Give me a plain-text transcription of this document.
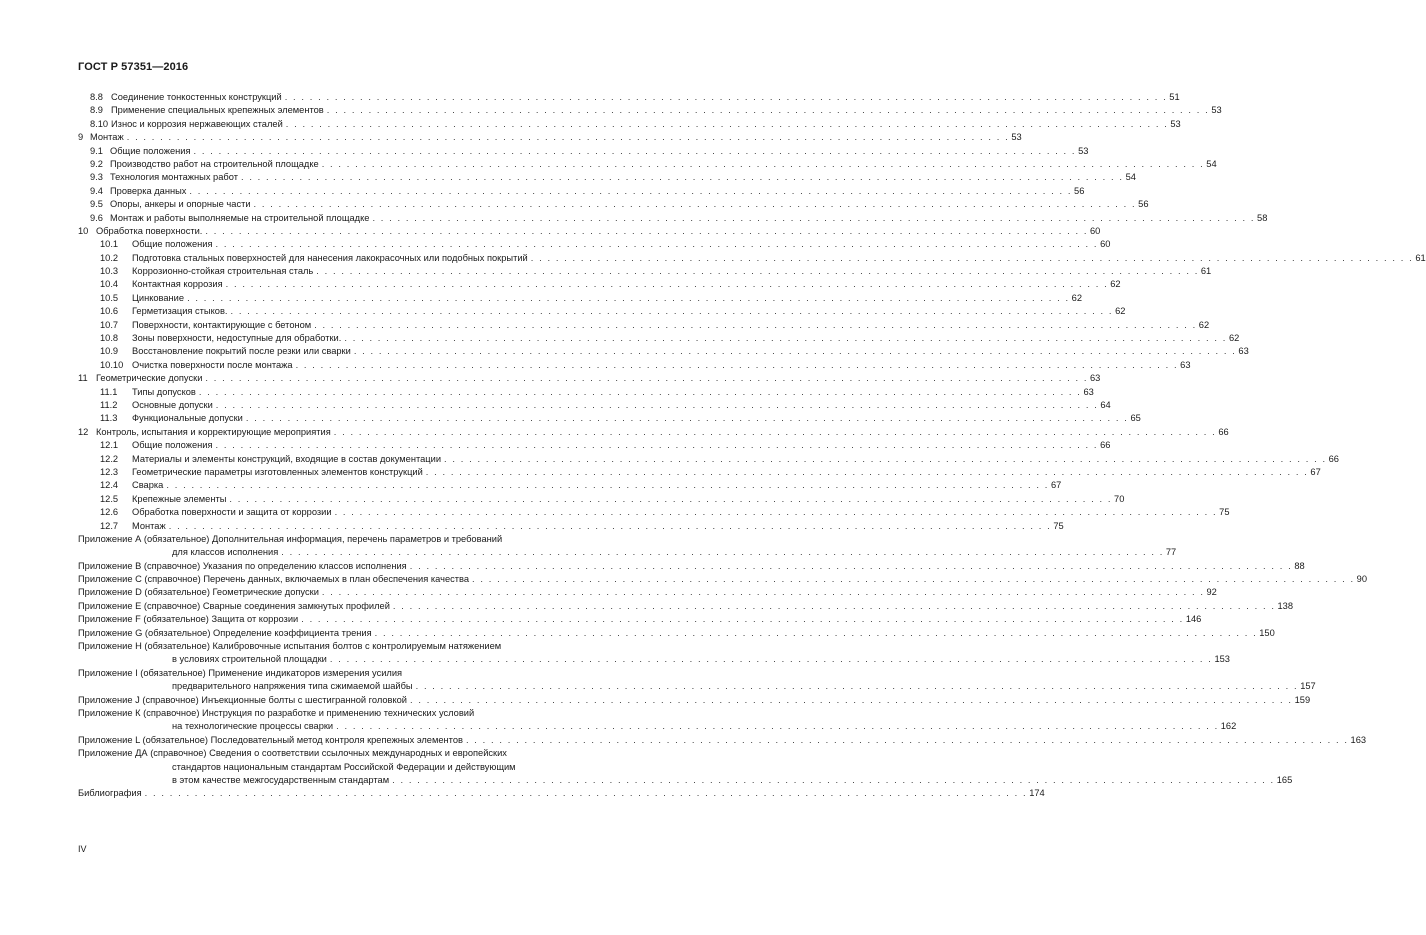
ГОСТ Р 57351—2016
8.8 Соединение тонкостенных конструкций . . .	51
8.9 Применение специальных крепежных элементов . . .	53
8.10 Износ и коррозия нержавеющих сталей . . .	53
9 Монтаж . . .	53
9.1 Общие положения . . .	53
9.2 Производство работ на строительной площадке . . .	54
9.3 Технология монтажных работ . . .	54
9.4 Проверка данных . . .	56
9.5 Опоры, анкеры и опорные части . . .	56
9.6 Монтаж и работы выполняемые на строительной площадке . . .	58
10 Обработка поверхности. . . .	60
10.1	Общие положения . . .	60
10.2	Подготовка стальных поверхностей для нанесения лакокрасочных или подобных покрытий . . .	61
10.3	Коррозионно-стойкая строительная сталь . . .	61
10.4	Контактная коррозия . . .	62
10.5	Цинкование . . .	62
10.6	Герметизация стыков. . . .	62
10.7	Поверхности, контактирующие с бетоном . . .	62
10.8	Зоны поверхности, недоступные для обработки. . . .	62
10.9	Восстановление покрытий после резки или сварки . . .	63
10.10 Очистка поверхности после монтажа . . .	63
11 Геометрические допуски . . .	63
11.1	Типы допусков . . .	63
11.2	Основные допуски . . .	64
11.3	Функциональные допуски . . .	65
12 Контроль, испытания и корректирующие мероприятия . . .	66
12.1	Общие положения . . .	66
12.2	Материалы и элементы конструкций, входящие в состав документации . . .	66
12.3	Геометрические параметры изготовленных элементов конструкций . . .	67
12.4	Сварка . . .	67
12.5	Крепежные элементы . . .	70
12.6	Обработка поверхности и защита от коррозии . . .	75
12.7	Монтаж . . .	75
Приложение А (обязательное) Дополнительная информация, перечень параметров и требований
для классов исполнения . . .	77
Приложение В (справочное) Указания по определению классов исполнения . . .	88
Приложение С (справочное) Перечень данных, включаемых в план обеспечения качества . . .	90
Приложение D (обязательное) Геометрические допуски . . .	92
Приложение Е (справочное) Сварные соединения замкнутых профилей . . .	138
Приложение F (обязательное) Защита от коррозии . . .	146
Приложение G (обязательное) Определение коэффициента трения . . .	150
Приложение Н (обязательное) Калибровочные испытания болтов с контролируемым натяжением
в условиях строительной площадки . . .	153
Приложение I (обязательное) Применение индикаторов измерения усилия
предварительного напряжения типа сжимаемой шайбы . . .	157
Приложение J (справочное) Инъекционные болты с шестигранной головкой . . .	159
Приложение К (справочное) Инструкция по разработке и применению технических условий
на технологические процессы сварки . . .	162
Приложение L (обязательное) Последовательный метод контроля крепежных элементов . . .	163
Приложение ДА (справочное) Сведения о соответствии ссылочных международных и европейских
стандартов национальным стандартам Российской Федерации и действующим
в этом качестве межгосударственным стандартам . . .	165
Библиография . . .	174
IV
